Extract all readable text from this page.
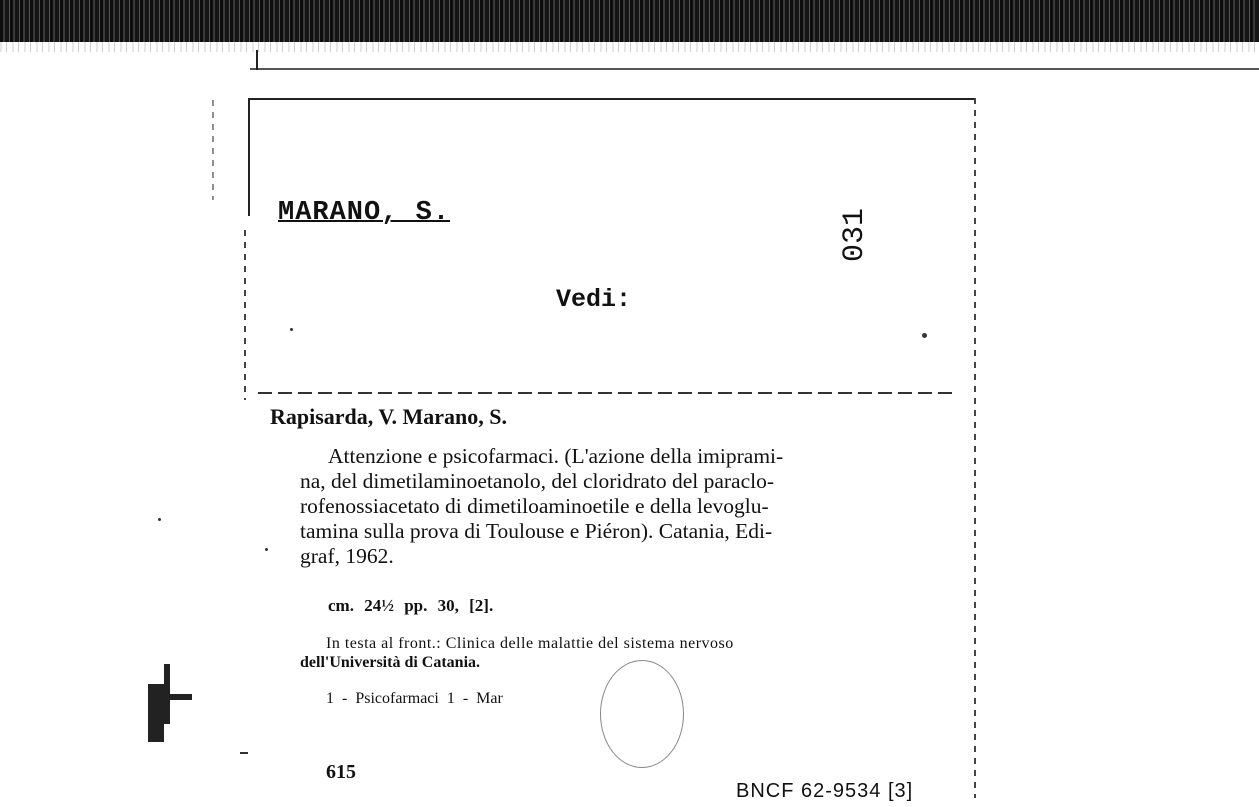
MARANO, S.
Vedi:
031
Rapisarda, V. Marano, S.
Attenzione e psicofarmaci. (L'azione della imiprami-
na, del dimetilaminoetanolo, del cloridrato del paraclo-
rofenossiacetato di dimetiloaminoetile e della levoglu-
tamina sulla prova di Toulouse e Piéron). Catania, Edi-
graf, 1962.
cm. 24½ pp. 30, [2].
In testa al front.: Clinica delle malattie del sistema nervoso
dell'Università di Catania.
1 - Psicofarmaci 1 - Mar
615
BNCF 62-9534 [3]
